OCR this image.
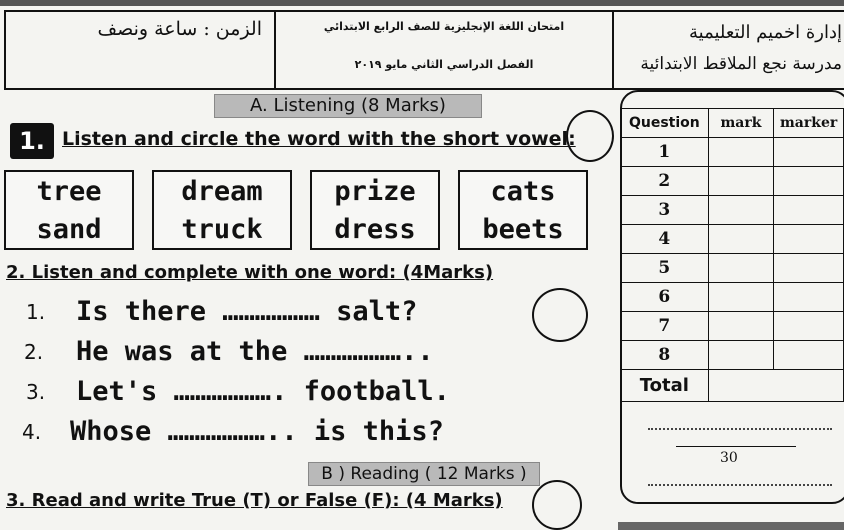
الزمن : ساعة ونصف	امتحان اللغة الإنجليزية للصف الرابع الابتدائي
الفصل الدراسي الثاني مايو ٢٠١٩
إدارة اخميم التعليمية
مدرسة نجع الملاقط الابتدائية
A. Listening (8 Marks)
1. Listen and circle the word with the short vowel:
tree
sand
dream
truck
prize
dress
cats
beets
2. Listen and complete with one word: (4Marks)
1. Is there ……………… salt?
2. He was at the ………………..
3. Let's ………………. football.
4. Whose ……………….. is this?
B ) Reading ( 12 Marks )
3. Read and write True (T) or False (F): (4 Marks)
Question	mark	marker
1		
2		
3		
4		
5		
6		
7		
8		
Total		
30
